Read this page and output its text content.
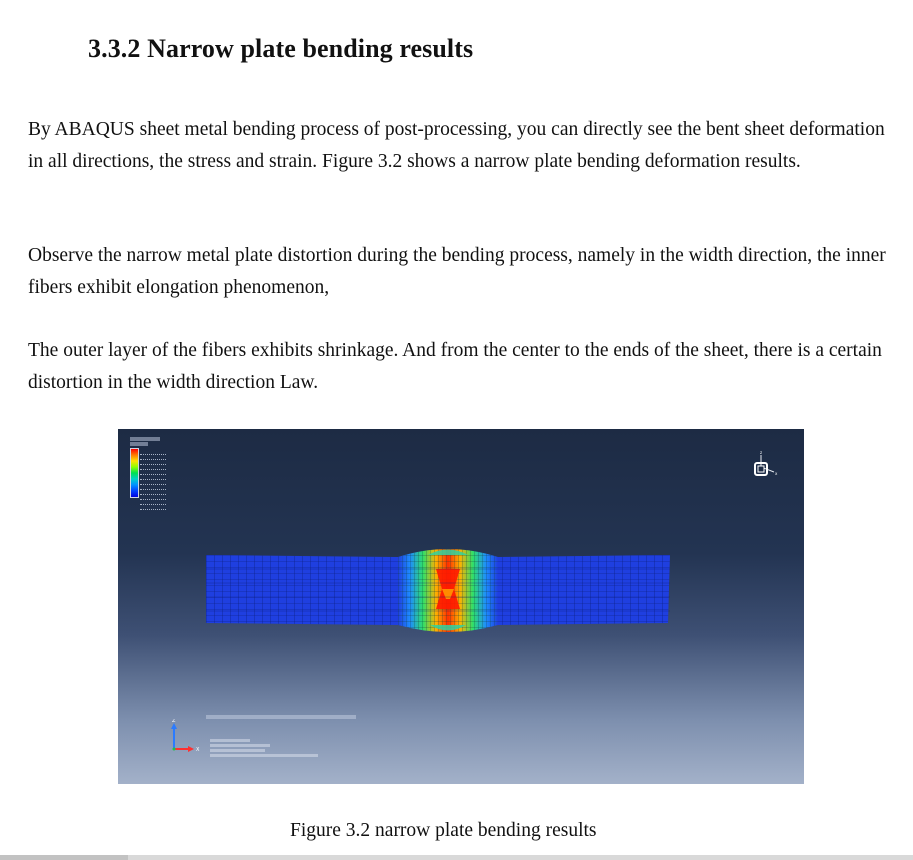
3.3.2 Narrow plate bending results

By ABAQUS sheet metal bending process of post-processing, you can directly see the bent sheet deformation in all directions, the stress and strain. Figure 3.2 shows a narrow plate bending deformation results.

Observe the narrow metal plate distortion during the bending process, namely in the width direction, the inner fibers exhibit elongation phenomenon,

The outer layer of the fibers exhibits shrinkage. And from the center to the ends of the sheet, there is a certain distortion in the width direction Law.

z
x
Z
X

Figure 3.2 narrow plate bending results
